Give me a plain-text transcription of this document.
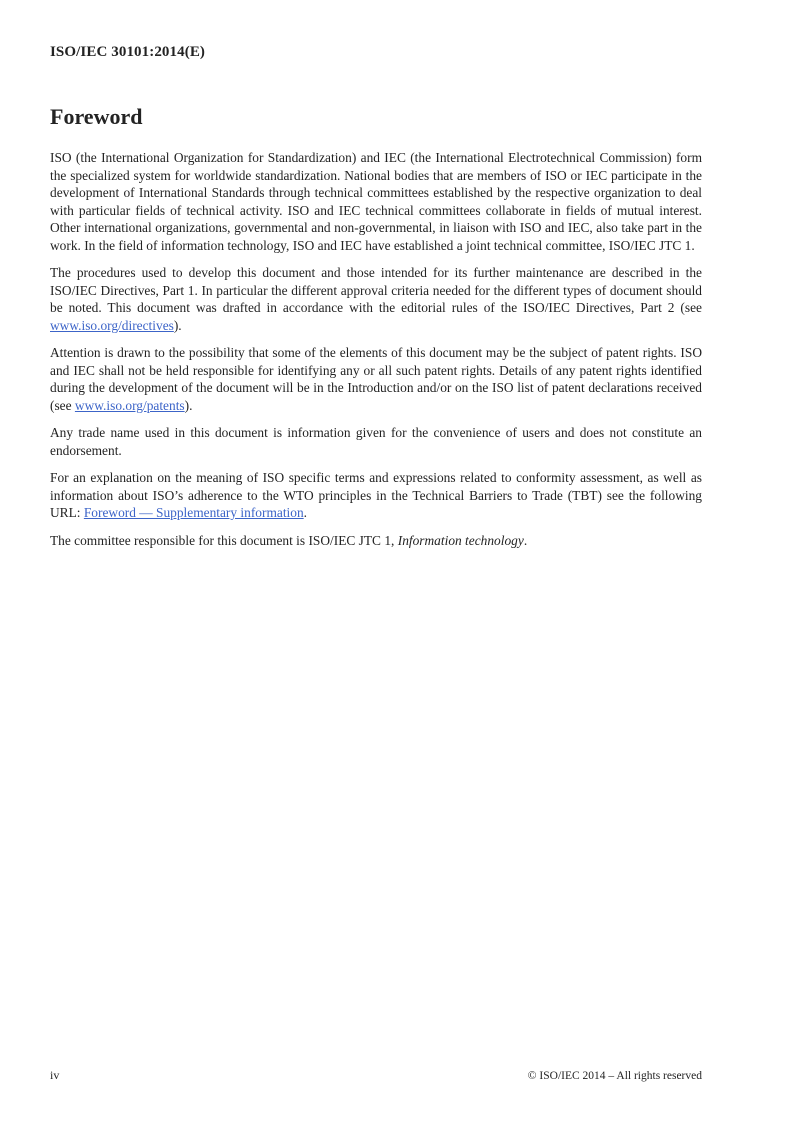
ISO/IEC 30101:2014(E)
Foreword

ISO (the International Organization for Standardization) and IEC (the International Electrotechnical Commission) form the specialized system for worldwide standardization. National bodies that are members of ISO or IEC participate in the development of International Standards through technical committees established by the respective organization to deal with particular fields of technical activity. ISO and IEC technical committees collaborate in fields of mutual interest. Other international organizations, governmental and non-governmental, in liaison with ISO and IEC, also take part in the work. In the field of information technology, ISO and IEC have established a joint technical committee, ISO/IEC JTC 1.

The procedures used to develop this document and those intended for its further maintenance are described in the ISO/IEC Directives, Part 1. In particular the different approval criteria needed for the different types of document should be noted. This document was drafted in accordance with the editorial rules of the ISO/IEC Directives, Part 2 (see www.iso.org/directives).

Attention is drawn to the possibility that some of the elements of this document may be the subject of patent rights. ISO and IEC shall not be held responsible for identifying any or all such patent rights. Details of any patent rights identified during the development of the document will be in the Introduction and/or on the ISO list of patent declarations received (see www.iso.org/patents).

Any trade name used in this document is information given for the convenience of users and does not constitute an endorsement.

For an explanation on the meaning of ISO specific terms and expressions related to conformity assessment, as well as information about ISO’s adherence to the WTO principles in the Technical Barriers to Trade (TBT) see the following URL: Foreword — Supplementary information.

The committee responsible for this document is ISO/IEC JTC 1, Information technology.

iv	© ISO/IEC 2014 – All rights reserved
